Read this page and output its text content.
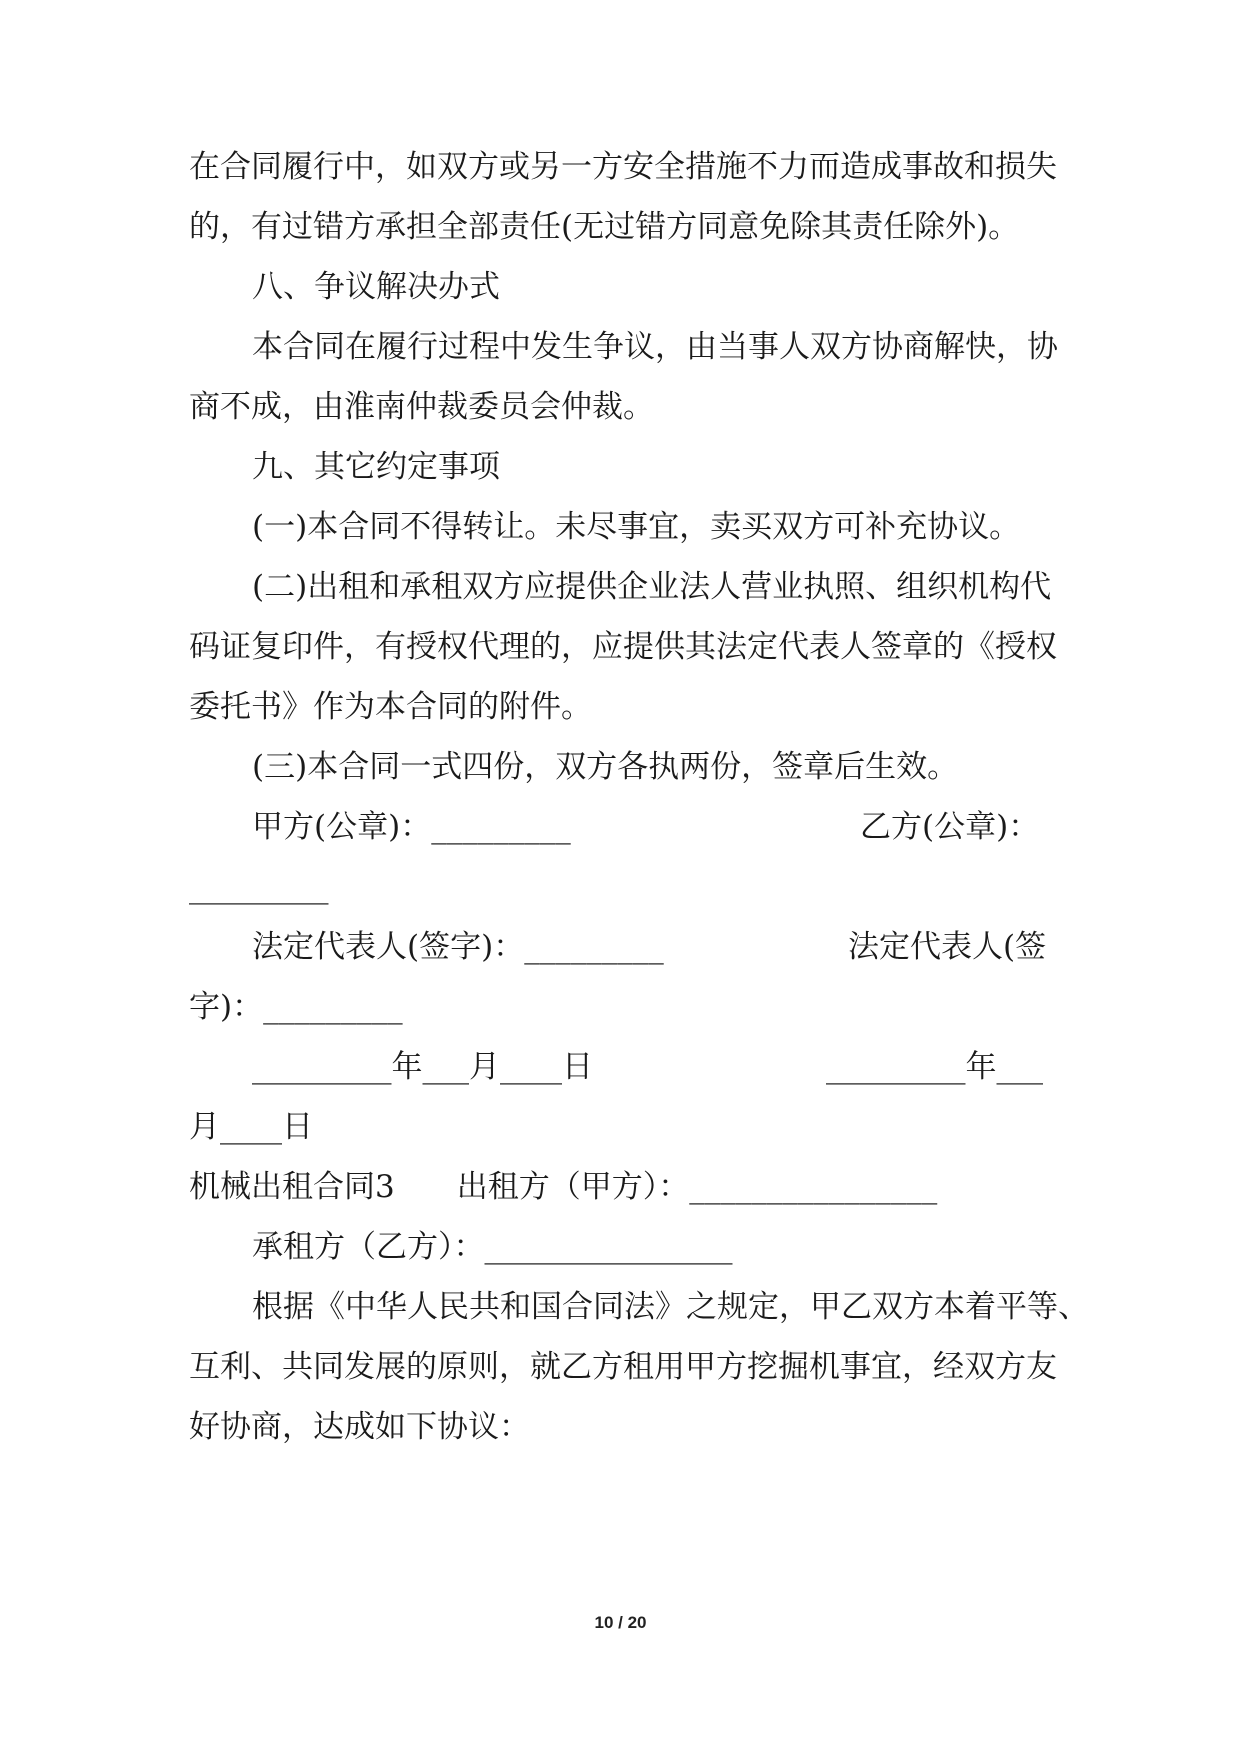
在合同履行中，如双方或另一方安全措施不力而造成事故和损失

的，有过错方承担全部责任(无过错方同意免除其责任除外)。

八、争议解决办式

本合同在履行过程中发生争议，由当事人双方协商解快，协

商不成，由淮南仲裁委员会仲裁。

九、其它约定事项

(一)本合同不得转让。未尽事宜，卖买双方可补充协议。

(二)出租和承租双方应提供企业法人营业执照、组织机构代

码证复印件，有授权代理的，应提供其法定代表人签章的《授权

委托书》作为本合同的附件。

(三)本合同一式四份，双方各执两份，签章后生效。

甲方(公章)：_________	乙方(公章)：

_________

法定代表人(签字)：_________	法定代表人(签

字)：_________

_________年___月____日	_________年___

月____日

机械出租合同3　　出租方（甲方）：________________

承租方（乙方）：________________

根据《中华人民共和国合同法》之规定，甲乙双方本着平等、

互利、共同发展的原则，就乙方租用甲方挖掘机事宜，经双方友

好协商，达成如下协议：

10 / 20
